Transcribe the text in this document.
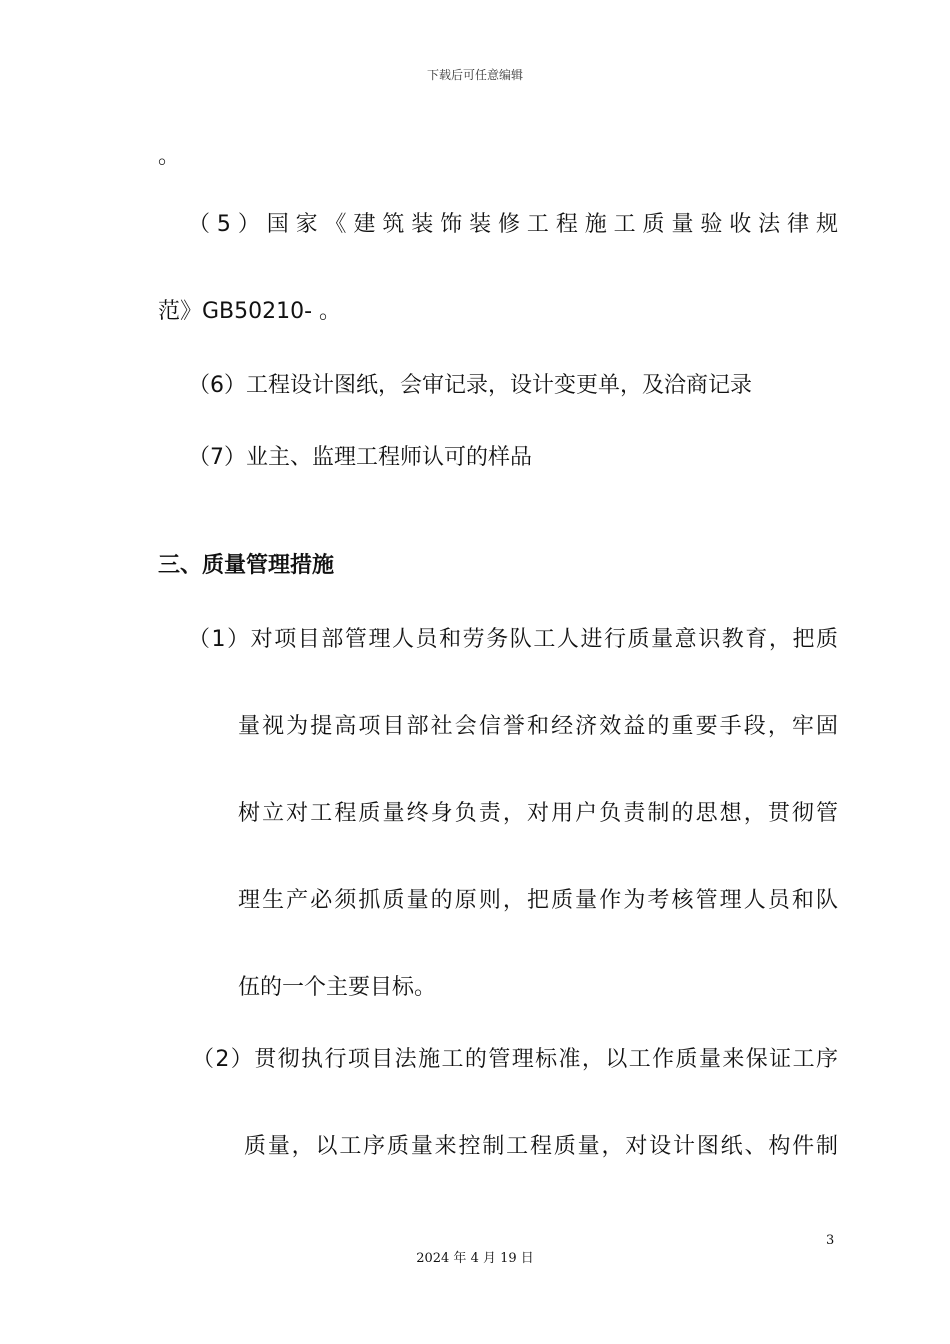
下载后可任意编辑
。
（5）国家《建筑装饰装修工程施工质量验收法律规
范》GB50210- 。
（6）工程设计图纸，会审记录，设计变更单，及洽商记录
（7）业主、监理工程师认可的样品
三、质量管理措施
（1）对项目部管理人员和劳务队工人进行质量意识教育，把质
量视为提高项目部社会信誉和经济效益的重要手段，牢固
树立对工程质量终身负责，对用户负责制的思想，贯彻管
理生产必须抓质量的原则，把质量作为考核管理人员和队
伍的一个主要目标。
（2）贯彻执行项目法施工的管理标准，以工作质量来保证工序
质量，以工序质量来控制工程质量，对设计图纸、构件制
3
2024 年 4 月 19 日
